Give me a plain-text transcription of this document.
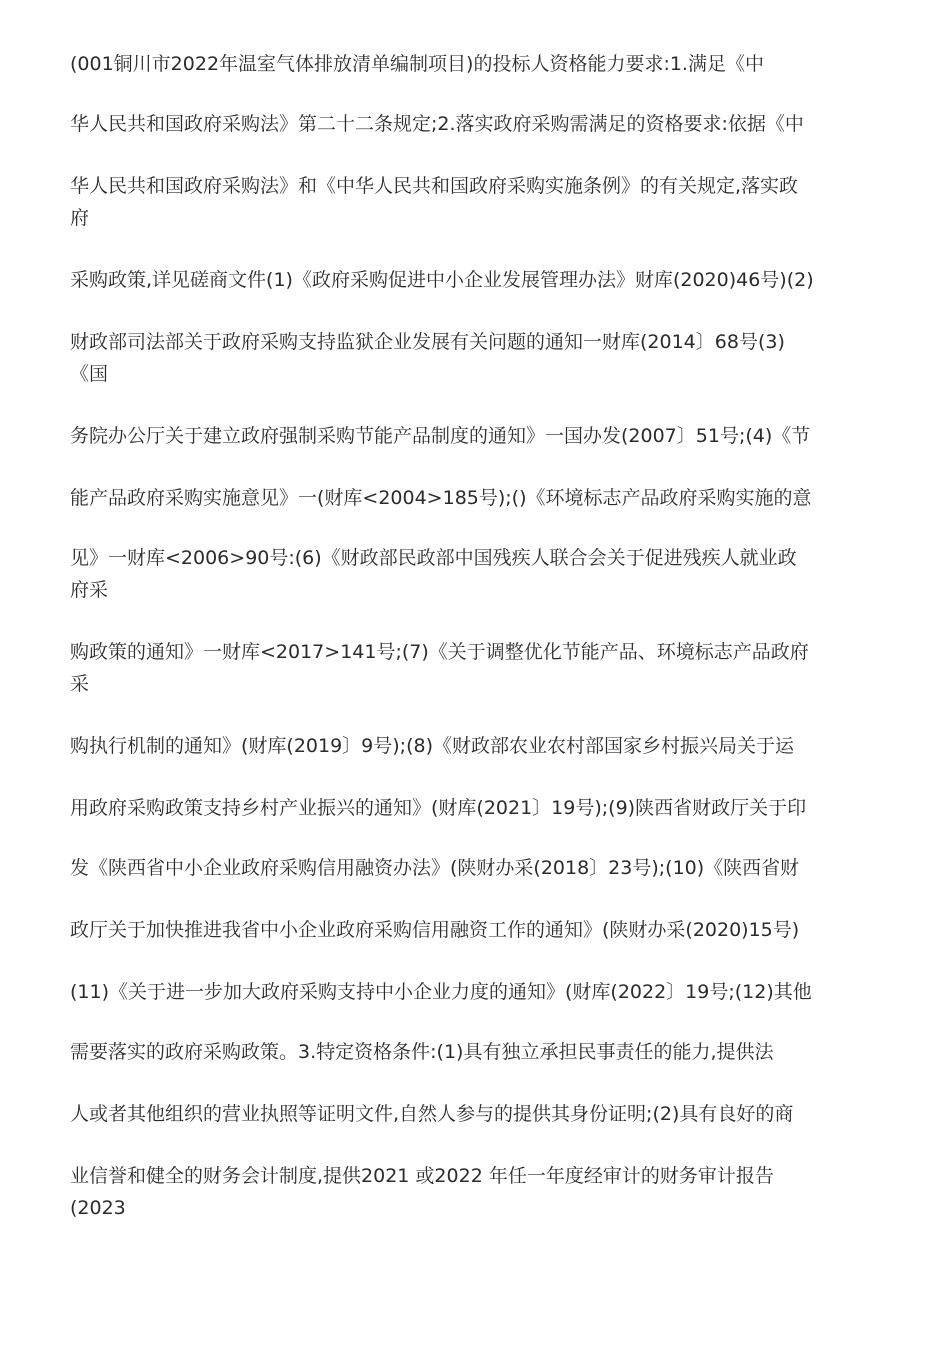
(001铜川市2022年温室气体排放清单编制项目)的投标人资格能力要求:1.满足《中
华人民共和国政府采购法》第二十二条规定;2.落实政府采购需满足的资格要求:依据《中
华人民共和国政府采购法》和《中华人民共和国政府采购实施条例》的有关规定,落实政
府
采购政策,详见磋商文件(1)《政府采购促进中小企业发展管理办法》财库(2020)46号)(2)
财政部司法部关于政府采购支持监狱企业发展有关问题的通知一财库(2014〕68号(3)
《国
务院办公厅关于建立政府强制采购节能产品制度的通知》一国办发(2007〕51号;(4)《节
能产品政府采购实施意见》一(财库<2004>185号);()《环境标志产品政府采购实施的意
见》一财库<2006>90号:(6)《财政部民政部中国残疾人联合会关于促进残疾人就业政
府采
购政策的通知》一财库<2017>141号;(7)《关于调整优化节能产品、环境标志产品政府
采
购执行机制的通知》(财库(2019〕9号);(8)《财政部农业农村部国家乡村振兴局关于运
用政府采购政策支持乡村产业振兴的通知》(财库(2021〕19号);(9)陕西省财政厅关于印
发《陕西省中小企业政府采购信用融资办法》(陕财办采(2018〕23号);(10)《陕西省财
政厅关于加快推进我省中小企业政府采购信用融资工作的通知》(陕财办采(2020)15号)
(11)《关于进一步加大政府采购支持中小企业力度的通知》(财库(2022〕19号;(12)其他
需要落实的政府采购政策。3.特定资格条件:(1)具有独立承担民事责任的能力,提供法
人或者其他组织的营业执照等证明文件,自然人参与的提供其身份证明;(2)具有良好的商
业信誉和健全的财务会计制度,提供2021 或2022 年任一年度经审计的财务审计报告
(2023
